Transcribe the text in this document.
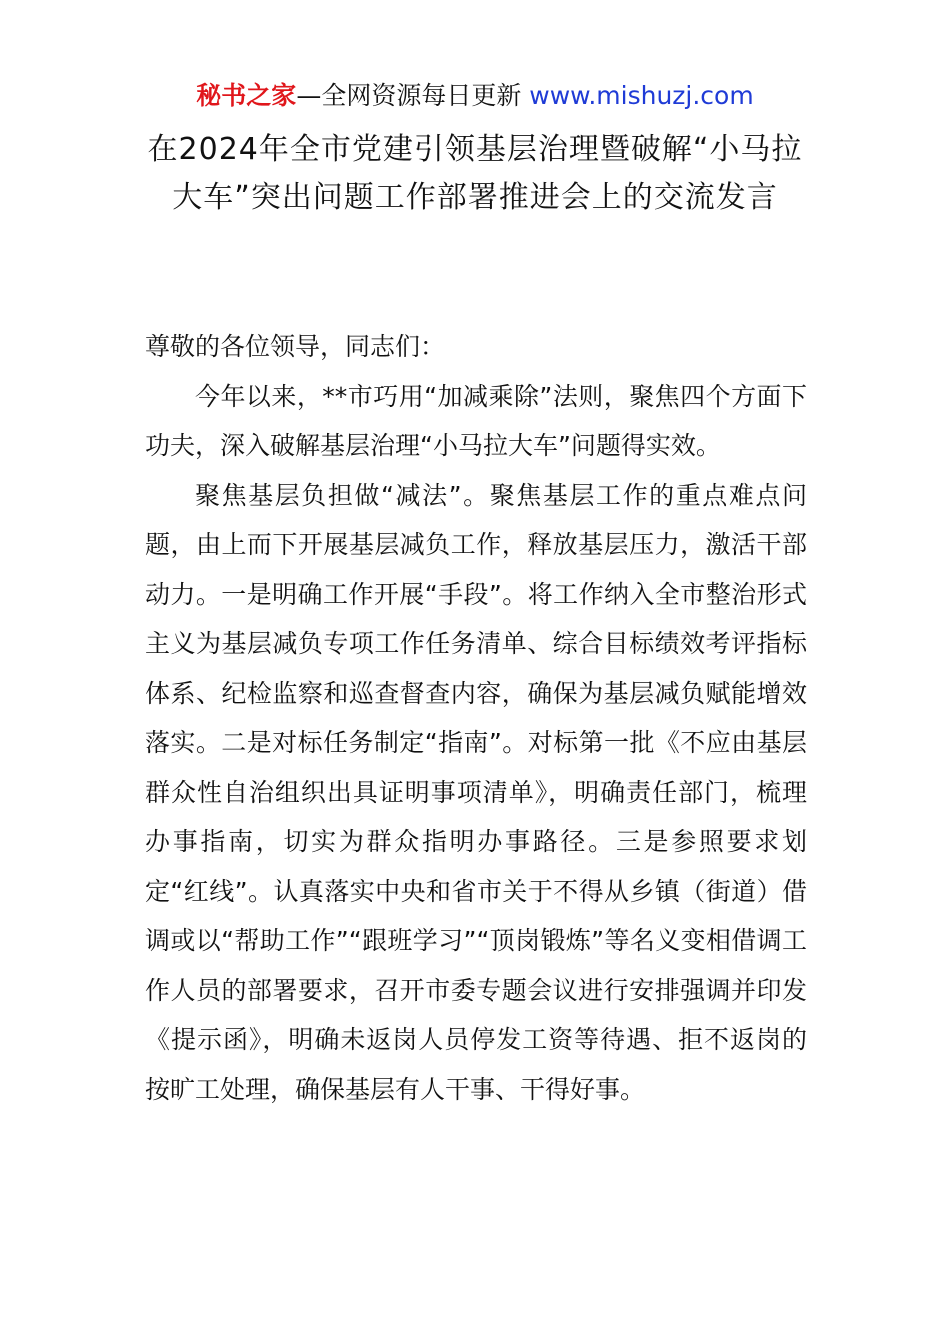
秘书之家—全网资源每日更新 www.mishuzj.com
在2024年全市党建引领基层治理暨破解“小马拉大车”突出问题工作部署推进会上的交流发言

尊敬的各位领导，同志们：

今年以来，**市巧用“加减乘除”法则，聚焦四个方面下功夫，深入破解基层治理“小马拉大车”问题得实效。

聚焦基层负担做“减法”。聚焦基层工作的重点难点问题，由上而下开展基层减负工作，释放基层压力，激活干部动力。一是明确工作开展“手段”。将工作纳入全市整治形式主义为基层减负专项工作任务清单、综合目标绩效考评指标体系、纪检监察和巡查督查内容，确保为基层减负赋能增效落实。二是对标任务制定“指南”。对标第一批《不应由基层群众性自治组织出具证明事项清单》，明确责任部门，梳理办事指南，切实为群众指明办事路径。三是参照要求划定“红线”。认真落实中央和省市关于不得从乡镇（街道）借调或以“帮助工作”“跟班学习”“顶岗锻炼”等名义变相借调工作人员的部署要求，召开市委专题会议进行安排强调并印发《提示函》，明确未返岗人员停发工资等待遇、拒不返岗的按旷工处理，确保基层有人干事、干得好事。
